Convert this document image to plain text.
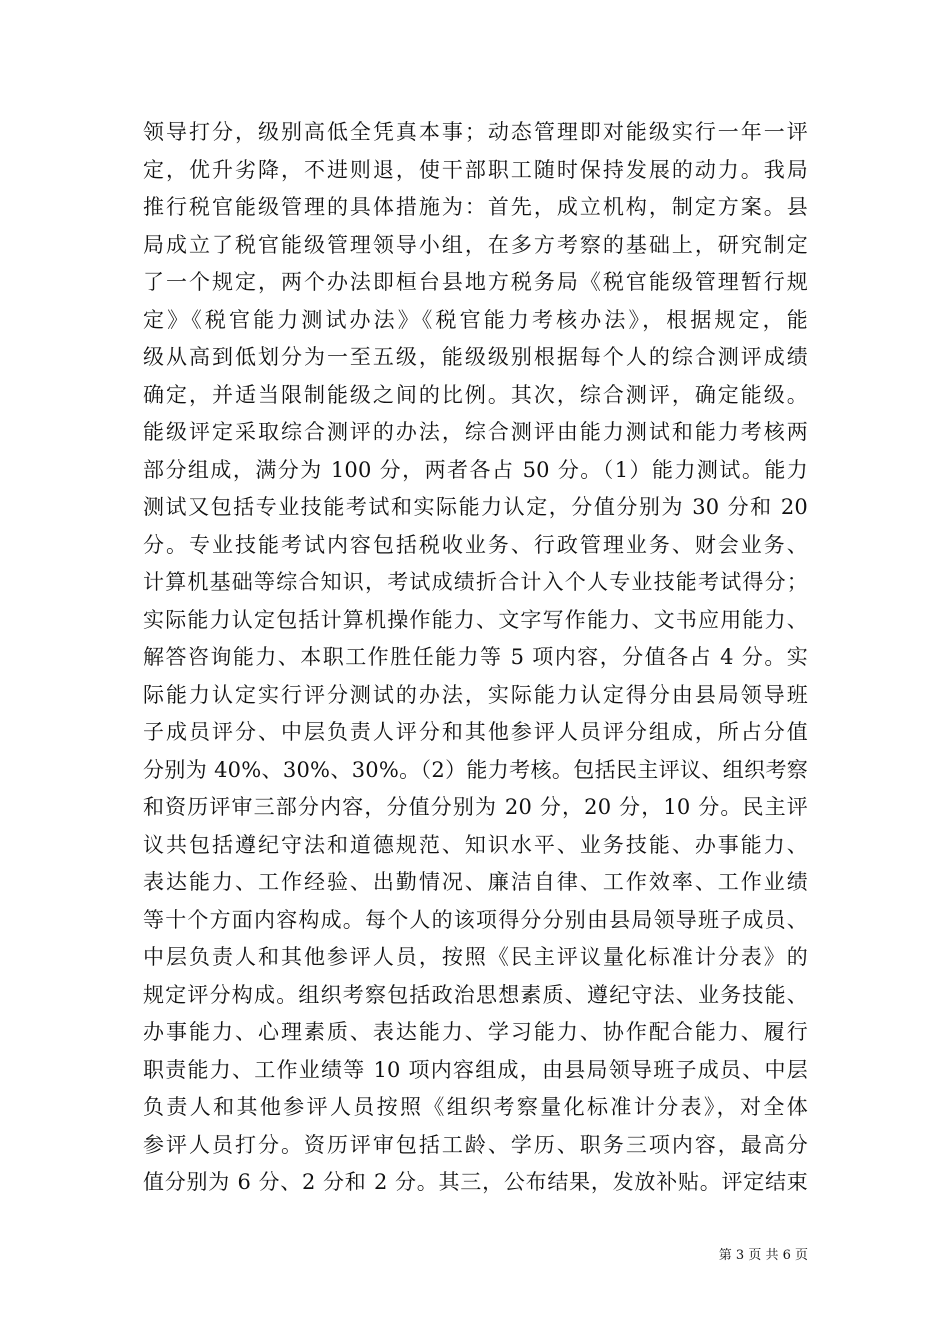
领导打分，级别高低全凭真本事；动态管理即对能级实行一年一评
定，优升劣降，不进则退，使干部职工随时保持发展的动力。我局
推行税官能级管理的具体措施为：首先，成立机构，制定方案。县
局成立了税官能级管理领导小组，在多方考察的基础上，研究制定
了一个规定，两个办法即桓台县地方税务局《税官能级管理暂行规
定》《税官能力测试办法》《税官能力考核办法》，根据规定，能
级从高到低划分为一至五级，能级级别根据每个人的综合测评成绩
确定，并适当限制能级之间的比例。其次，综合测评，确定能级。
能级评定采取综合测评的办法，综合测评由能力测试和能力考核两
部分组成，满分为 100 分，两者各占 50 分。（1）能力测试。能力
测试又包括专业技能考试和实际能力认定，分值分别为 30 分和 20
分。专业技能考试内容包括税收业务、行政管理业务、财会业务、
计算机基础等综合知识，考试成绩折合计入个人专业技能考试得分；
实际能力认定包括计算机操作能力、文字写作能力、文书应用能力、
解答咨询能力、本职工作胜任能力等 5 项内容，分值各占 4 分。实
际能力认定实行评分测试的办法，实际能力认定得分由县局领导班
子成员评分、中层负责人评分和其他参评人员评分组成，所占分值
分别为 40%、30%、30%。（2）能力考核。包括民主评议、组织考察
和资历评审三部分内容，分值分别为 20 分，20 分，10 分。民主评
议共包括遵纪守法和道德规范、知识水平、业务技能、办事能力、
表达能力、工作经验、出勤情况、廉洁自律、工作效率、工作业绩
等十个方面内容构成。每个人的该项得分分别由县局领导班子成员、
中层负责人和其他参评人员，按照《民主评议量化标准计分表》的
规定评分构成。组织考察包括政治思想素质、遵纪守法、业务技能、
办事能力、心理素质、表达能力、学习能力、协作配合能力、履行
职责能力、工作业绩等 10 项内容组成，由县局领导班子成员、中层
负责人和其他参评人员按照《组织考察量化标准计分表》，对全体
参评人员打分。资历评审包括工龄、学历、职务三项内容，最高分
值分别为 6 分、2 分和 2 分。其三，公布结果，发放补贴。评定结束
第 3 页 共 6 页
